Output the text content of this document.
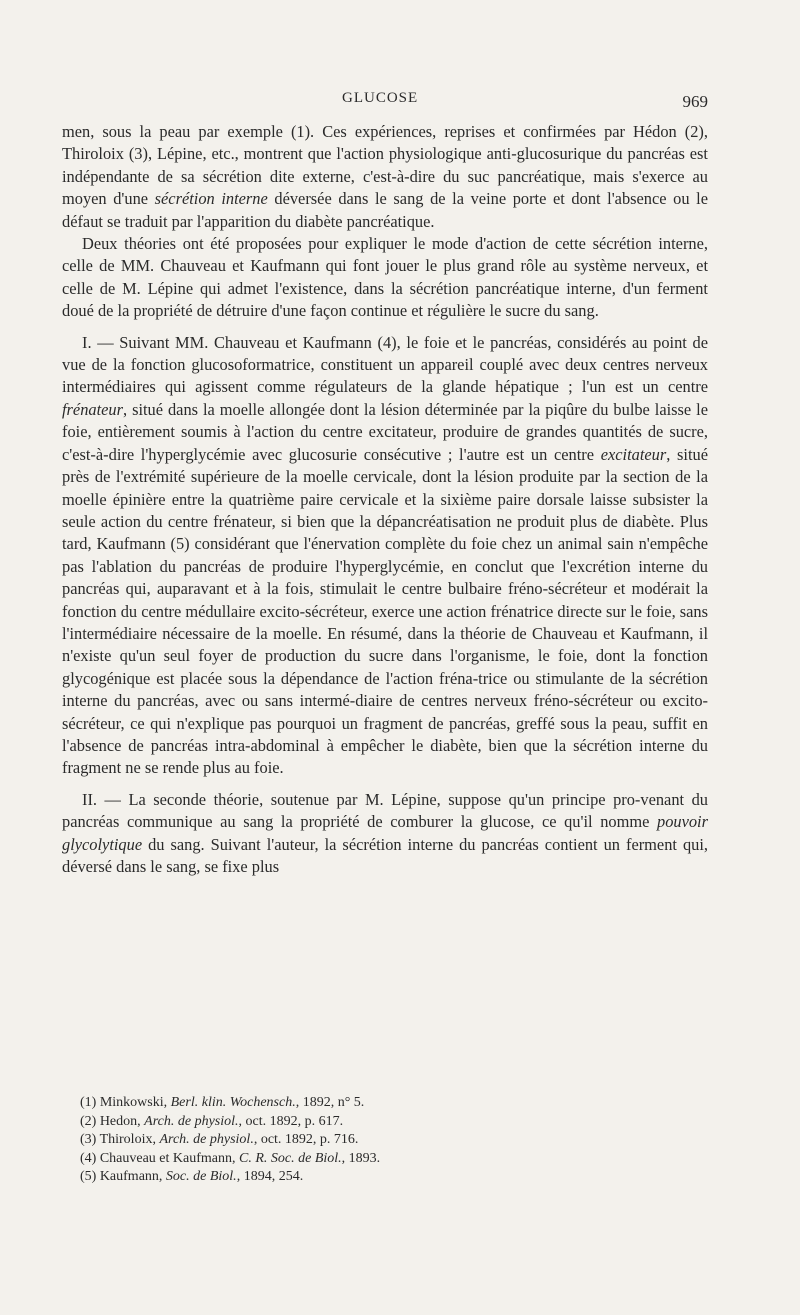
GLUCOSE	969

men, sous la peau par exemple (1). Ces expériences, reprises et confirmées par Hédon (2), Thiroloix (3), Lépine, etc., montrent que l'action physiologique anti-glucosurique du pancréas est indépendante de sa sécrétion dite externe, c'est-à-dire du suc pancréatique, mais s'exerce au moyen d'une sécrétion interne déversée dans le sang de la veine porte et dont l'absence ou le défaut se traduit par l'apparition du diabète pancréatique.

Deux théories ont été proposées pour expliquer le mode d'action de cette sécrétion interne, celle de MM. Chauveau et Kaufmann qui font jouer le plus grand rôle au système nerveux, et celle de M. Lépine qui admet l'existence, dans la sécrétion pancréatique interne, d'un ferment doué de la propriété de détruire d'une façon continue et régulière le sucre du sang.

I. — Suivant MM. Chauveau et Kaufmann (4), le foie et le pancréas, considérés au point de vue de la fonction glucosoformatrice, constituent un appareil couplé avec deux centres nerveux intermédiaires qui agissent comme régulateurs de la glande hépatique ; l'un est un centre frénateur, situé dans la moelle allongée dont la lésion déterminée par la piqûre du bulbe laisse le foie, entièrement soumis à l'action du centre excitateur, produire de grandes quantités de sucre, c'est-à-dire l'hyperglycémie avec glucosurie consécutive ; l'autre est un centre excitateur, situé près de l'extrémité supérieure de la moelle cervicale, dont la lésion produite par la section de la moelle épinière entre la quatrième paire cervicale et la sixième paire dorsale laisse subsister la seule action du centre frénateur, si bien que la dépancréatisation ne produit plus de diabète. Plus tard, Kaufmann (5) considérant que l'énervation complète du foie chez un animal sain n'empêche pas l'ablation du pancréas de produire l'hyperglycémie, en conclut que l'excrétion interne du pancréas qui, auparavant et à la fois, stimulait le centre bulbaire fréno-sécréteur et modérait la fonction du centre médullaire excito-sécréteur, exerce une action frénatrice directe sur le foie, sans l'intermédiaire nécessaire de la moelle. En résumé, dans la théorie de Chauveau et Kaufmann, il n'existe qu'un seul foyer de production du sucre dans l'organisme, le foie, dont la fonction glycogénique est placée sous la dépendance de l'action fréna-trice ou stimulante de la sécrétion interne du pancréas, avec ou sans intermé-diaire de centres nerveux fréno-sécréteur ou excito-sécréteur, ce qui n'explique pas pourquoi un fragment de pancréas, greffé sous la peau, suffit en l'absence de pancréas intra-abdominal à empêcher le diabète, bien que la sécrétion interne du fragment ne se rende plus au foie.

II. — La seconde théorie, soutenue par M. Lépine, suppose qu'un principe pro-venant du pancréas communique au sang la propriété de comburer la glucose, ce qu'il nomme pouvoir glycolytique du sang. Suivant l'auteur, la sécrétion interne du pancréas contient un ferment qui, déversé dans le sang, se fixe plus

(1) Minkowski, Berl. klin. Wochensch., 1892, n° 5.

(2) Hedon, Arch. de physiol., oct. 1892, p. 617.

(3) Thiroloix, Arch. de physiol., oct. 1892, p. 716.

(4) Chauveau et Kaufmann, C. R. Soc. de Biol., 1893.

(5) Kaufmann, Soc. de Biol., 1894, 254.
